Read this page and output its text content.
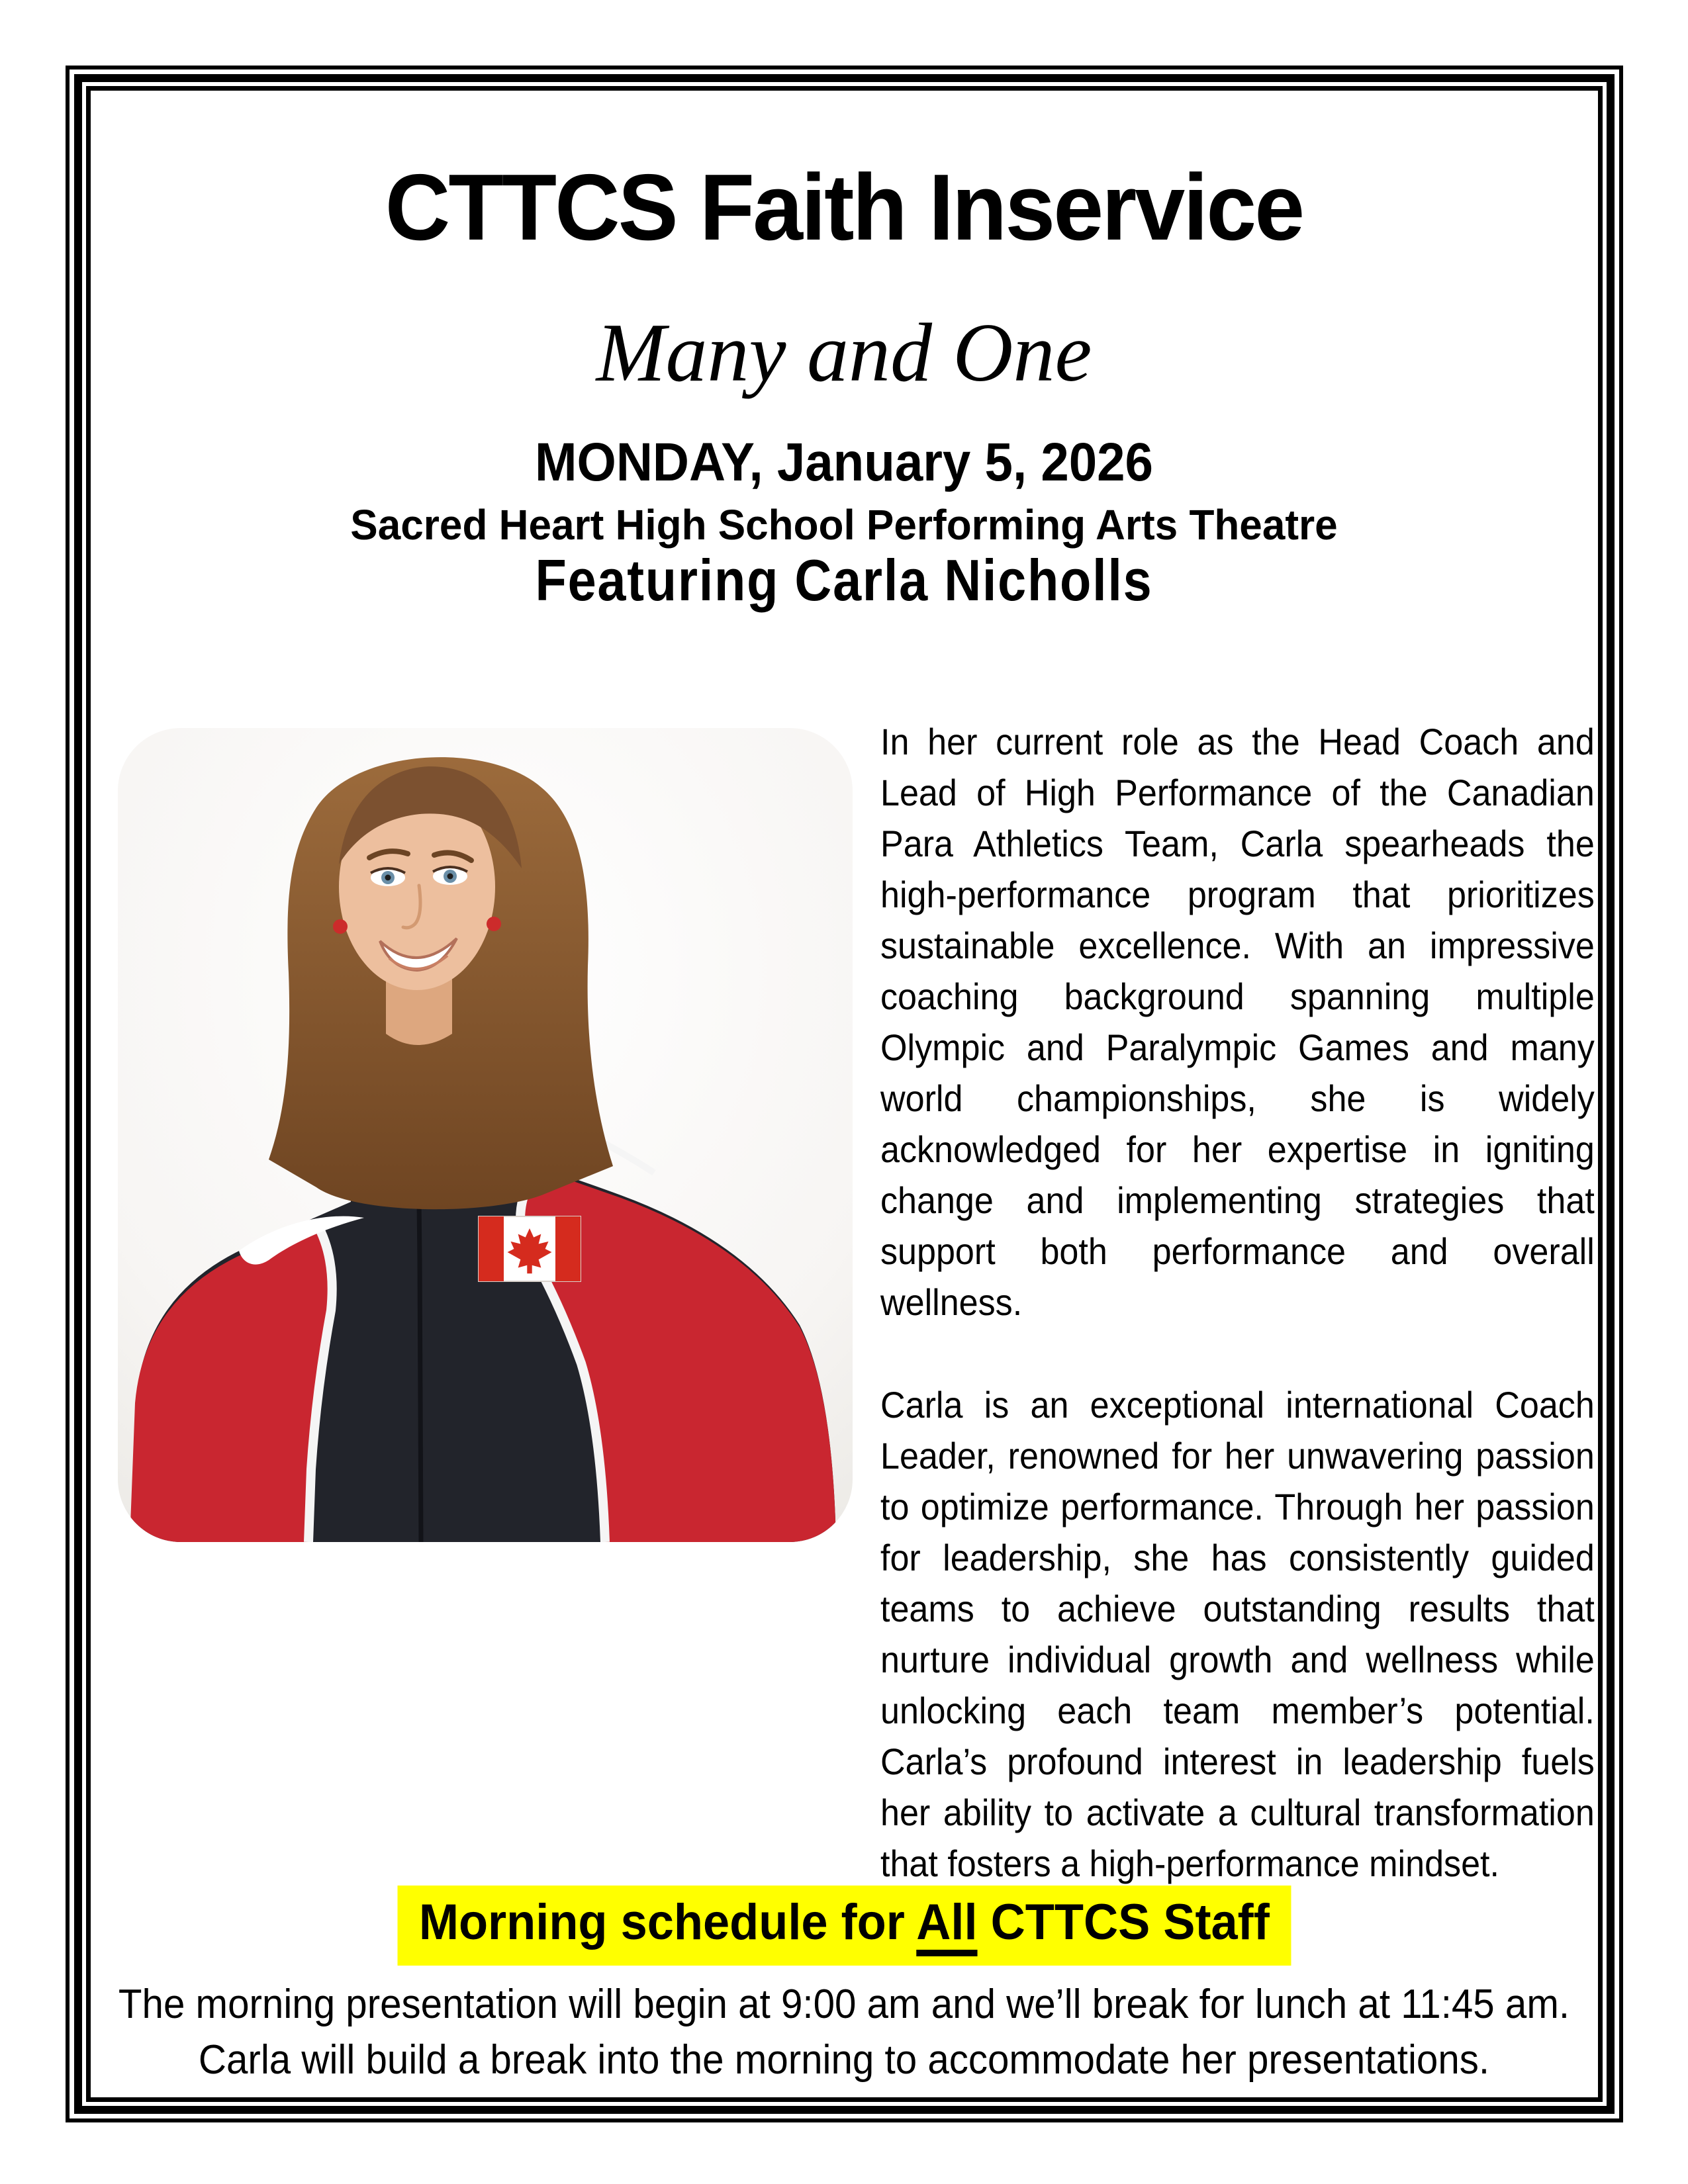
CTTCS Faith Inservice
Many and One
MONDAY, January 5, 2026
Sacred Heart High School Performing Arts Theatre
Featuring Carla Nicholls

In her current role as the Head Coach and Lead of High Performance of the Canadian Para Athletics Team, Carla spearheads the high-performance program that prioritizes sustainable excellence. With an impressive coaching background spanning multiple Olympic and Paralympic Games and many world championships, she is widely acknowledged for her expertise in igniting change and implementing strategies that support both performance and overall wellness.

Carla is an exceptional international Coach Leader, renowned for her unwavering passion to optimize performance. Through her passion for leadership, she has consistently guided teams to achieve outstanding results that nurture individual growth and wellness while unlocking each team member’s potential. Carla’s profound interest in leadership fuels her ability to activate a cultural transformation that fosters a high-performance mindset.

Morning schedule for All CTTCS Staff
The morning presentation will begin at 9:00 am and we’ll break for lunch at 11:45 am.
Carla will build a break into the morning to accommodate her presentations.
